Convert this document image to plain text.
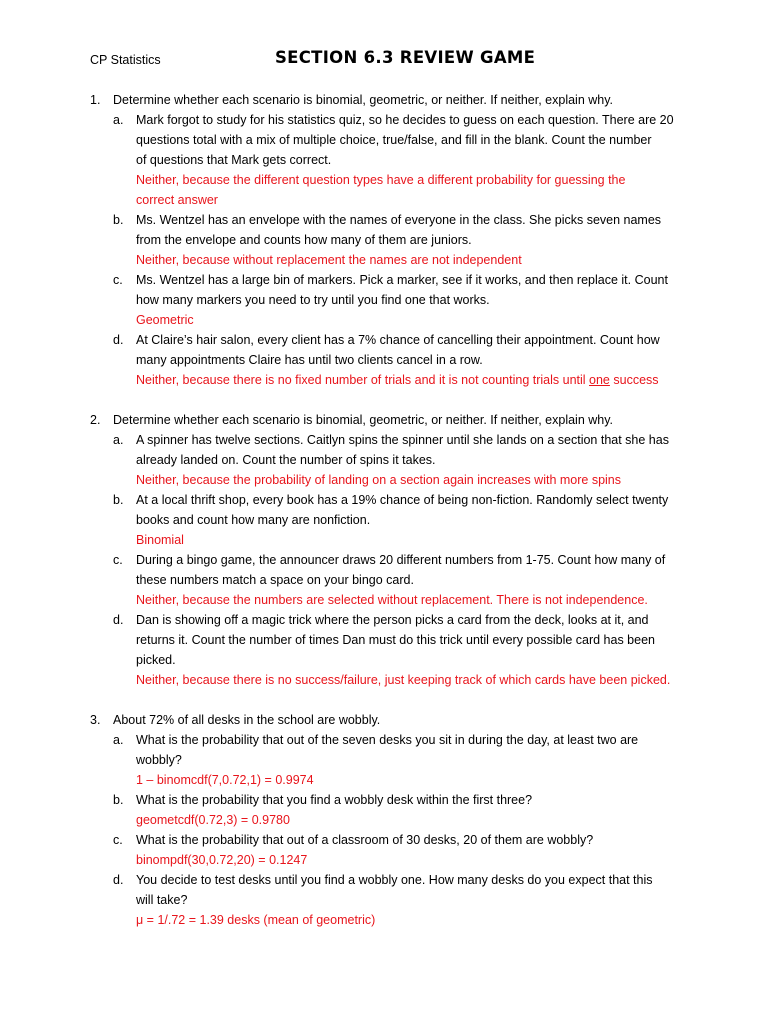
CP Statistics	SECTION 6.3 REVIEW GAME
1. Determine whether each scenario is binomial, geometric, or neither. If neither, explain why.
a. Mark forgot to study for his statistics quiz, so he decides to guess on each question. There are 20
questions total with a mix of multiple choice, true/false, and fill in the blank. Count the number
of questions that Mark gets correct.
Neither, because the different question types have a different probability for guessing the
correct answer
b. Ms. Wentzel has an envelope with the names of everyone in the class. She picks seven names
from the envelope and counts how many of them are juniors.
Neither, because without replacement the names are not independent
c. Ms. Wentzel has a large bin of markers. Pick a marker, see if it works, and then replace it. Count
how many markers you need to try until you find one that works.
Geometric
d. At Claire’s hair salon, every client has a 7% chance of cancelling their appointment. Count how
many appointments Claire has until two clients cancel in a row.
Neither, because there is no fixed number of trials and it is not counting trials until one success
2. Determine whether each scenario is binomial, geometric, or neither. If neither, explain why.
a. A spinner has twelve sections. Caitlyn spins the spinner until she lands on a section that she has
already landed on. Count the number of spins it takes.
Neither, because the probability of landing on a section again increases with more spins
b. At a local thrift shop, every book has a 19% chance of being non-fiction. Randomly select twenty
books and count how many are nonfiction.
Binomial
c. During a bingo game, the announcer draws 20 different numbers from 1-75. Count how many of
these numbers match a space on your bingo card.
Neither, because the numbers are selected without replacement. There is not independence.
d. Dan is showing off a magic trick where the person picks a card from the deck, looks at it, and
returns it. Count the number of times Dan must do this trick until every possible card has been
picked.
Neither, because there is no success/failure, just keeping track of which cards have been picked.
3. About 72% of all desks in the school are wobbly.
a. What is the probability that out of the seven desks you sit in during the day, at least two are
wobbly?
1 – binomcdf(7,0.72,1) = 0.9974
b. What is the probability that you find a wobbly desk within the first three?
geometcdf(0.72,3) = 0.9780
c. What is the probability that out of a classroom of 30 desks, 20 of them are wobbly?
binompdf(30,0.72,20) = 0.1247
d. You decide to test desks until you find a wobbly one. How many desks do you expect that this
will take?
μ = 1/.72 = 1.39 desks (mean of geometric)
